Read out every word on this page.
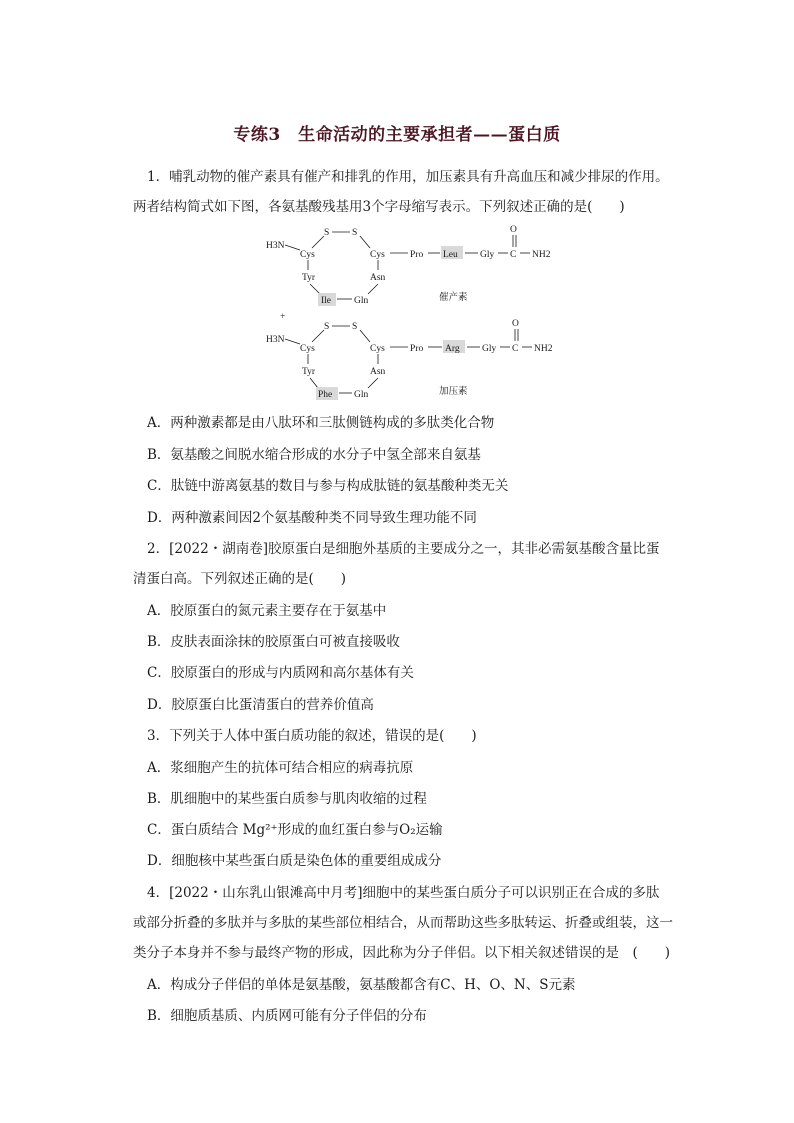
专练3　生命活动的主要承担者——蛋白质
1．哺乳动物的催产素具有催产和排乳的作用，加压素具有升高血压和减少排尿的作用。
两者结构简式如下图，各氨基酸残基用3个字母缩写表示。下列叙述正确的是(　　)
H3N
Cys
S S
Cys	Pro Leu Gly C
O
NH2
Tyr	Asn
Ile Gln	催产素
+
H3N
Cys
S S
Cys	Pro Arg Gly C
O
NH2
Tyr	Asn
Phe Gln	加压素
A．两种激素都是由八肽环和三肽侧链构成的多肽类化合物
B．氨基酸之间脱水缩合形成的水分子中氢全部来自氨基
C．肽链中游离氨基的数目与参与构成肽链的氨基酸种类无关
D．两种激素间因2个氨基酸种类不同导致生理功能不同
2．[2022・湖南卷]胶原蛋白是细胞外基质的主要成分之一，其非必需氨基酸含量比蛋
清蛋白高。下列叙述正确的是(　　)
A．胶原蛋白的氮元素主要存在于氨基中
B．皮肤表面涂抹的胶原蛋白可被直接吸收
C．胶原蛋白的形成与内质网和高尔基体有关
D．胶原蛋白比蛋清蛋白的营养价值高
3．下列关于人体中蛋白质功能的叙述，错误的是(　　)
A．浆细胞产生的抗体可结合相应的病毒抗原
B．肌细胞中的某些蛋白质参与肌肉收缩的过程
C．蛋白质结合 Mg²⁺形成的血红蛋白参与O₂运输
D．细胞核中某些蛋白质是染色体的重要组成成分
4．[2022・山东乳山银滩高中月考]细胞中的某些蛋白质分子可以识别正在合成的多肽
或部分折叠的多肽并与多肽的某些部位相结合，从而帮助这些多肽转运、折叠或组装，这一
类分子本身并不参与最终产物的形成，因此称为分子伴侣。以下相关叙述错误的是　(　　)
A．构成分子伴侣的单体是氨基酸，氨基酸都含有C、H、O、N、S元素
B．细胞质基质、内质网可能有分子伴侣的分布
